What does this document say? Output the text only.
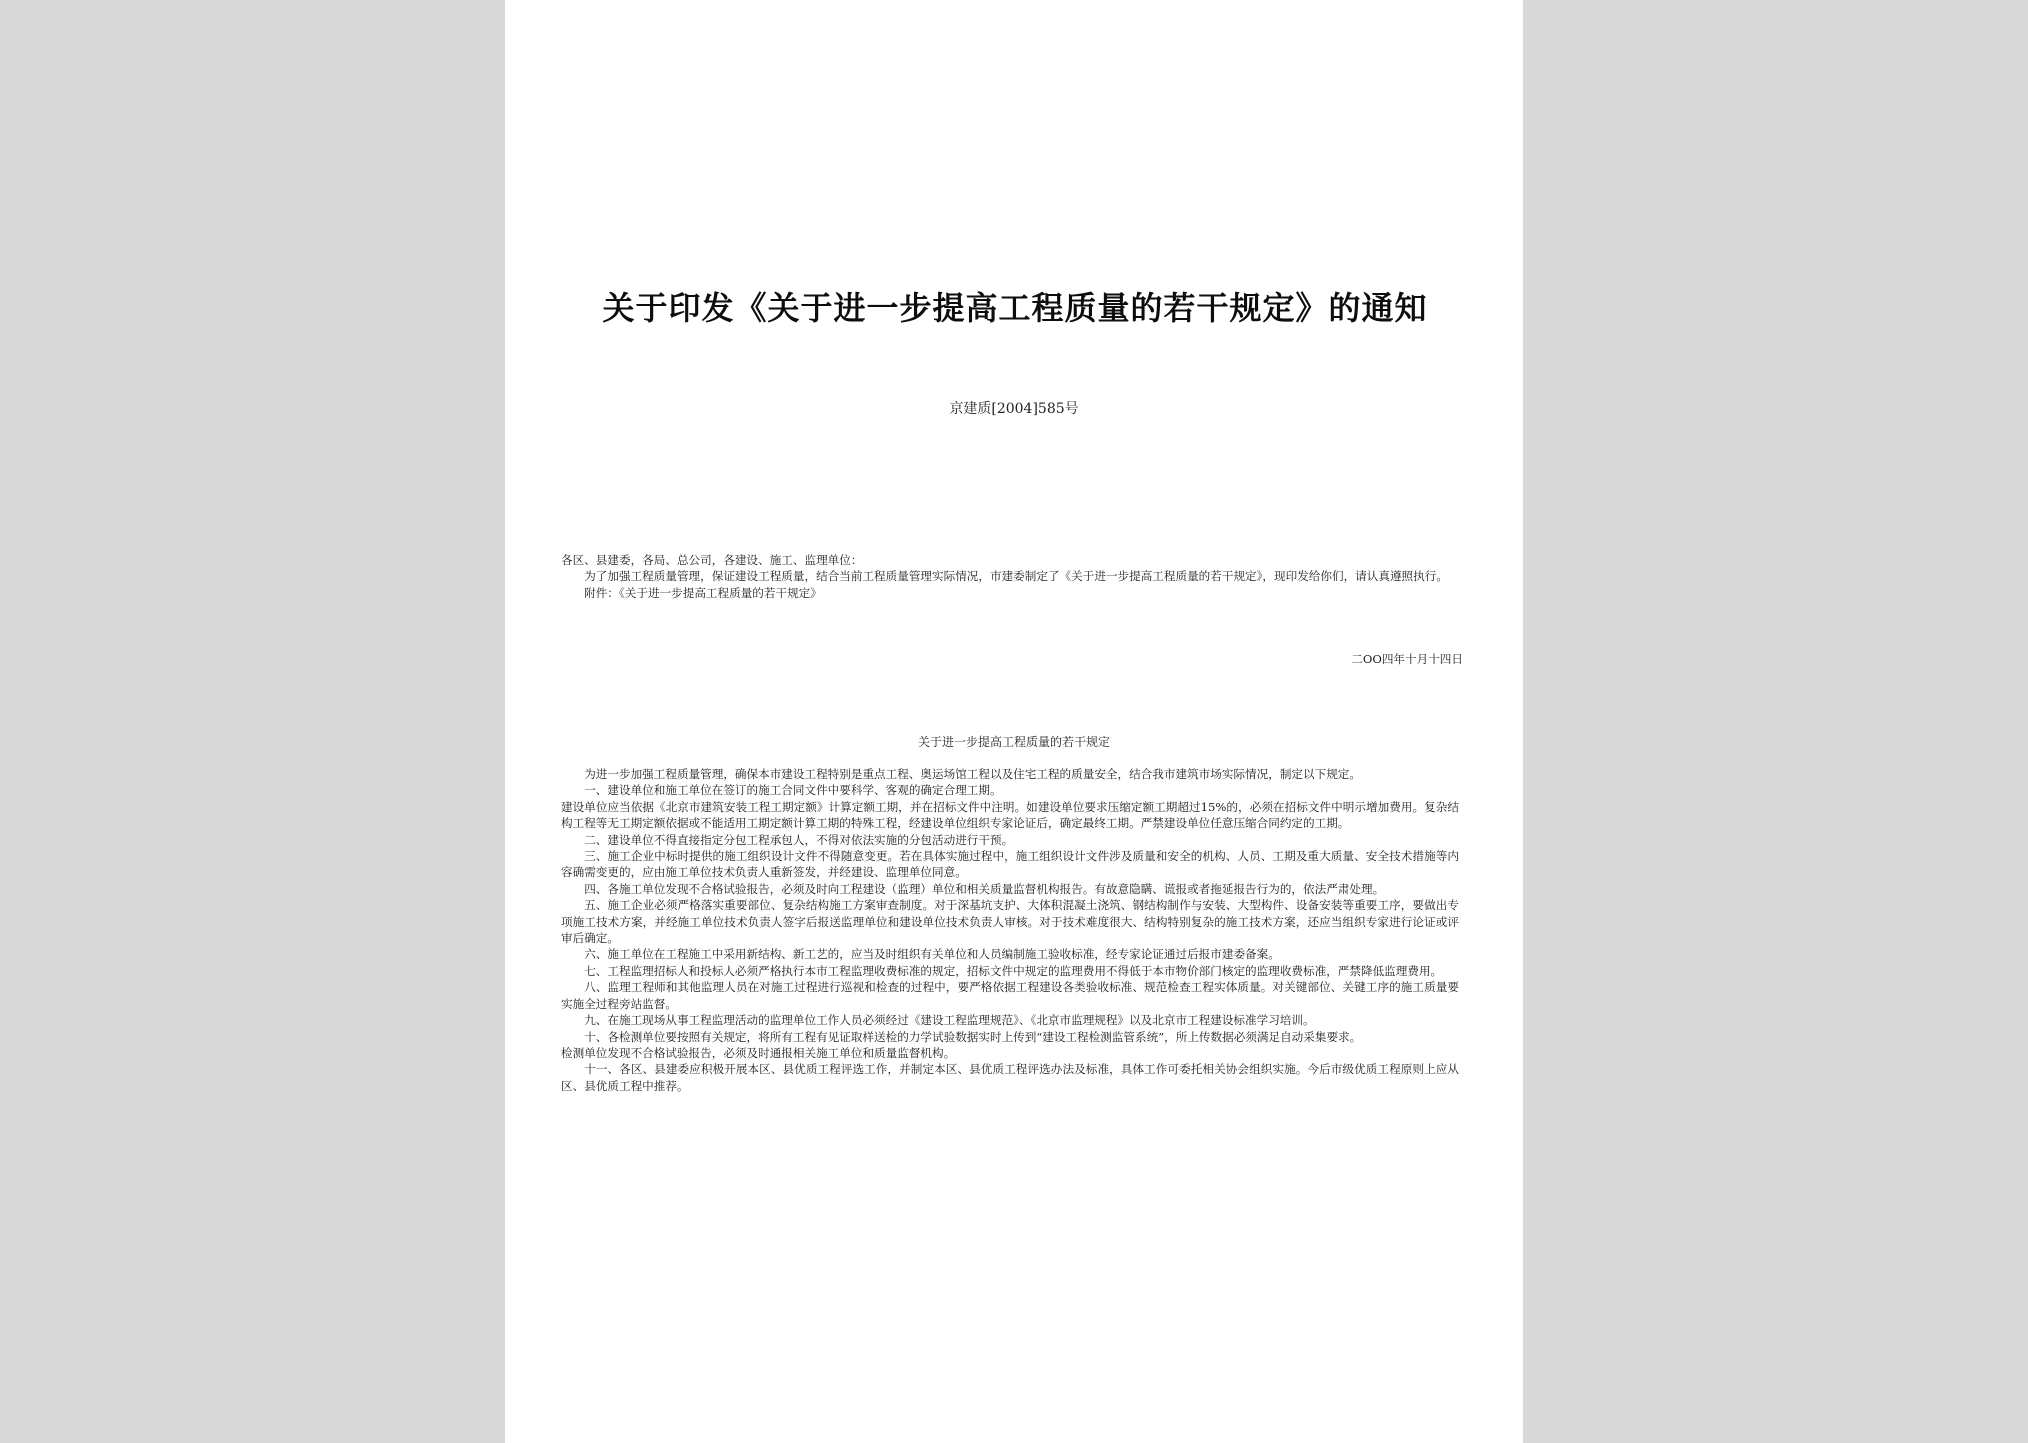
关于印发《关于进一步提高工程质量的若干规定》的通知
京建质[2004]585号

各区、县建委，各局、总公司，各建设、施工、监理单位：

为了加强工程质量管理，保证建设工程质量，结合当前工程质量管理实际情况，市建委制定了《关于进一步提高工程质量的若干规定》，现印发给你们，请认真遵照执行。

附件：《关于进一步提高工程质量的若干规定》

二OO四年十月十四日
关于进一步提高工程质量的若干规定

为进一步加强工程质量管理，确保本市建设工程特别是重点工程、奥运场馆工程以及住宅工程的质量安全，结合我市建筑市场实际情况，制定以下规定。

一、建设单位和施工单位在签订的施工合同文件中要科学、客观的确定合理工期。

建设单位应当依据《北京市建筑安装工程工期定额》计算定额工期，并在招标文件中注明。如建设单位要求压缩定额工期超过15%的，必须在招标文件中明示增加费用。复杂结构工程等无工期定额依据或不能适用工期定额计算工期的特殊工程，经建设单位组织专家论证后，确定最终工期。严禁建设单位任意压缩合同约定的工期。

二、建设单位不得直接指定分包工程承包人，不得对依法实施的分包活动进行干预。

三、施工企业中标时提供的施工组织设计文件不得随意变更。若在具体实施过程中，施工组织设计文件涉及质量和安全的机构、人员、工期及重大质量、安全技术措施等内容确需变更的，应由施工单位技术负责人重新签发，并经建设、监理单位同意。

四、各施工单位发现不合格试验报告，必须及时向工程建设（监理）单位和相关质量监督机构报告。有故意隐瞒、谎报或者拖延报告行为的，依法严肃处理。

五、施工企业必须严格落实重要部位、复杂结构施工方案审查制度。对于深基坑支护、大体积混凝土浇筑、钢结构制作与安装、大型构件、设备安装等重要工序，要做出专项施工技术方案，并经施工单位技术负责人签字后报送监理单位和建设单位技术负责人审核。对于技术难度很大、结构特别复杂的施工技术方案，还应当组织专家进行论证或评审后确定。

六、施工单位在工程施工中采用新结构、新工艺的，应当及时组织有关单位和人员编制施工验收标准，经专家论证通过后报市建委备案。

七、工程监理招标人和投标人必须严格执行本市工程监理收费标准的规定，招标文件中规定的监理费用不得低于本市物价部门核定的监理收费标准，严禁降低监理费用。

八、监理工程师和其他监理人员在对施工过程进行巡视和检查的过程中，要严格依据工程建设各类验收标准、规范检查工程实体质量。对关键部位、关键工序的施工质量要实施全过程旁站监督。

九、在施工现场从事工程监理活动的监理单位工作人员必须经过《建设工程监理规范》、《北京市监理规程》以及北京市工程建设标准学习培训。

十、各检测单位要按照有关规定，将所有工程有见证取样送检的力学试验数据实时上传到“建设工程检测监管系统”，所上传数据必须满足自动采集要求。

检测单位发现不合格试验报告，必须及时通报相关施工单位和质量监督机构。

十一、各区、县建委应积极开展本区、县优质工程评选工作，并制定本区、县优质工程评选办法及标准，具体工作可委托相关协会组织实施。今后市级优质工程原则上应从区、县优质工程中推荐。
